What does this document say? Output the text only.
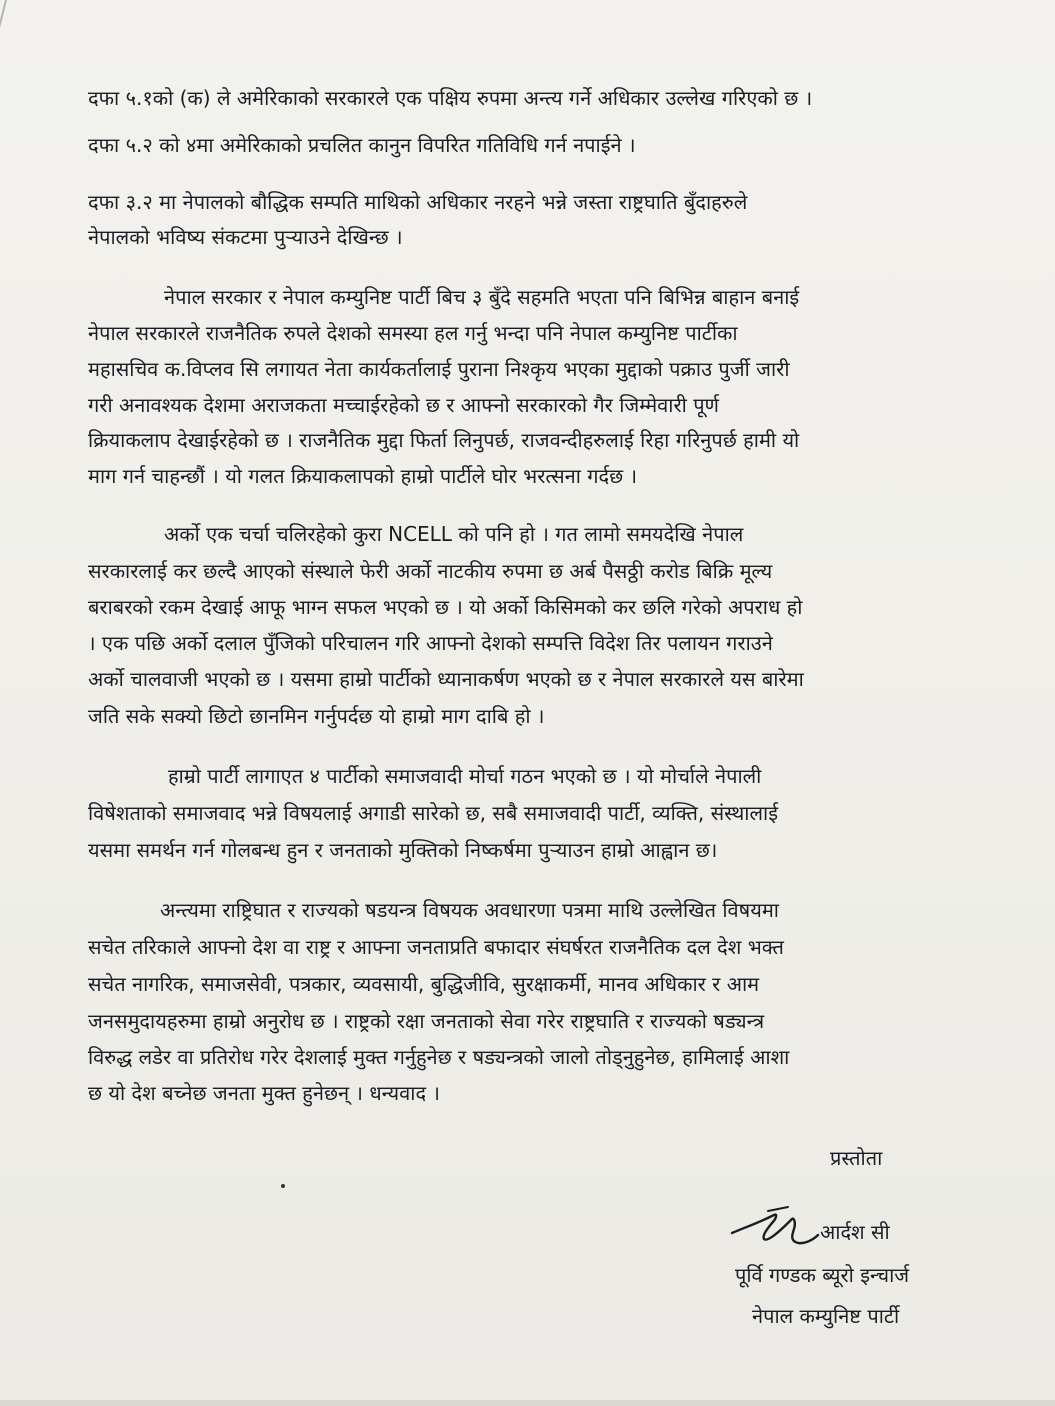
दफा ५.१को (क) ले अमेरिकाको सरकारले एक पक्षिय रुपमा अन्त्य गर्ने अधिकार उल्लेख गरिएको छ ।
दफा ५.२ को ४मा अमेरिकाको प्रचलित कानुन विपरित गतिविधि गर्न नपाईने ।
दफा ३.२ मा नेपालको बौद्धिक सम्पति माथिको अधिकार नरहने भन्ने जस्ता राष्ट्रघाति बुँदाहरुले
नेपालको भविष्य संकटमा पुऱ्याउने देखिन्छ ।
नेपाल सरकार र नेपाल कम्युनिष्ट पार्टी बिच ३ बुँदे सहमति भएता पनि बिभिन्न बाहान बनाई
नेपाल सरकारले राजनैतिक रुपले देशको समस्या हल गर्नु भन्दा पनि नेपाल कम्युनिष्ट पार्टीका
महासचिव क.विप्लव सि लगायत नेता कार्यकर्तालाई पुराना निश्कृय भएका मुद्दाको पक्राउ पुर्जी जारी
गरी अनावश्यक देशमा अराजकता मच्चाईरहेको छ र आफ्नो सरकारको गैर जिम्मेवारी पूर्ण
क्रियाकलाप देखाईरहेको छ । राजनैतिक मुद्दा फिर्ता लिनुपर्छ, राजवन्दीहरुलाई रिहा गरिनुपर्छ हामी यो
माग गर्न चाहन्छौं । यो गलत क्रियाकलापको हाम्रो पार्टीले घोर भरत्सना गर्दछ ।
अर्को एक चर्चा चलिरहेको कुरा NCELL को पनि हो । गत लामो समयदेखि नेपाल
सरकारलाई कर छल्दै आएको संस्थाले फेरी अर्को नाटकीय रुपमा छ अर्ब पैसठ्ठी करोड बिक्रि मूल्य
बराबरको रकम देखाई आफू भाग्न सफल भएको छ । यो अर्को किसिमको कर छलि गरेको अपराध हो
। एक पछि अर्को दलाल पुँजिको परिचालन गरि आफ्नो देशको सम्पत्ति विदेश तिर पलायन गराउने
अर्को चालवाजी भएको छ । यसमा हाम्रो पार्टीको ध्यानाकर्षण भएको छ र नेपाल सरकारले यस बारेमा
जति सके सक्यो छिटो छानमिन गर्नुपर्दछ यो हाम्रो माग दाबि हो ।
हाम्रो पार्टी लागाएत ४ पार्टीको समाजवादी मोर्चा गठन भएको छ । यो मोर्चाले नेपाली
विषेशताको समाजवाद भन्ने विषयलाई अगाडी सारेको छ, सबै समाजवादी पार्टी, व्यक्ति, संस्थालाई
यसमा समर्थन गर्न गोलबन्ध हुन र जनताको मुक्तिको निष्कर्षमा पुऱ्याउन हाम्रो आह्वान छ।
अन्त्यमा राष्ट्रिघात र राज्यको षडयन्त्र विषयक अवधारणा पत्रमा माथि उल्लेखित विषयमा
सचेत तरिकाले आफ्नो देश वा राष्ट्र र आफ्ना जनताप्रति बफादार संघर्षरत राजनैतिक दल देश भक्त
सचेत नागरिक, समाजसेवी, पत्रकार, व्यवसायी, बुद्धिजीवि, सुरक्षाकर्मी, मानव अधिकार र आम
जनसमुदायहरुमा हाम्रो अनुरोध छ । राष्ट्रको रक्षा जनताको सेवा गरेर राष्ट्रघाति र राज्यको षड्यन्त्र
विरुद्ध लडेर वा प्रतिरोध गरेर देशलाई मुक्त गर्नुहुनेछ र षड्यन्त्रको जालो तोड्नुहुनेछ, हामिलाई आशा
छ यो देश बच्नेछ जनता मुक्त हुनेछन् । धन्यवाद ।
प्रस्तोता
आर्दश सी
पूर्वि गण्डक ब्यूरो इन्चार्ज
नेपाल कम्युनिष्ट पार्टी
